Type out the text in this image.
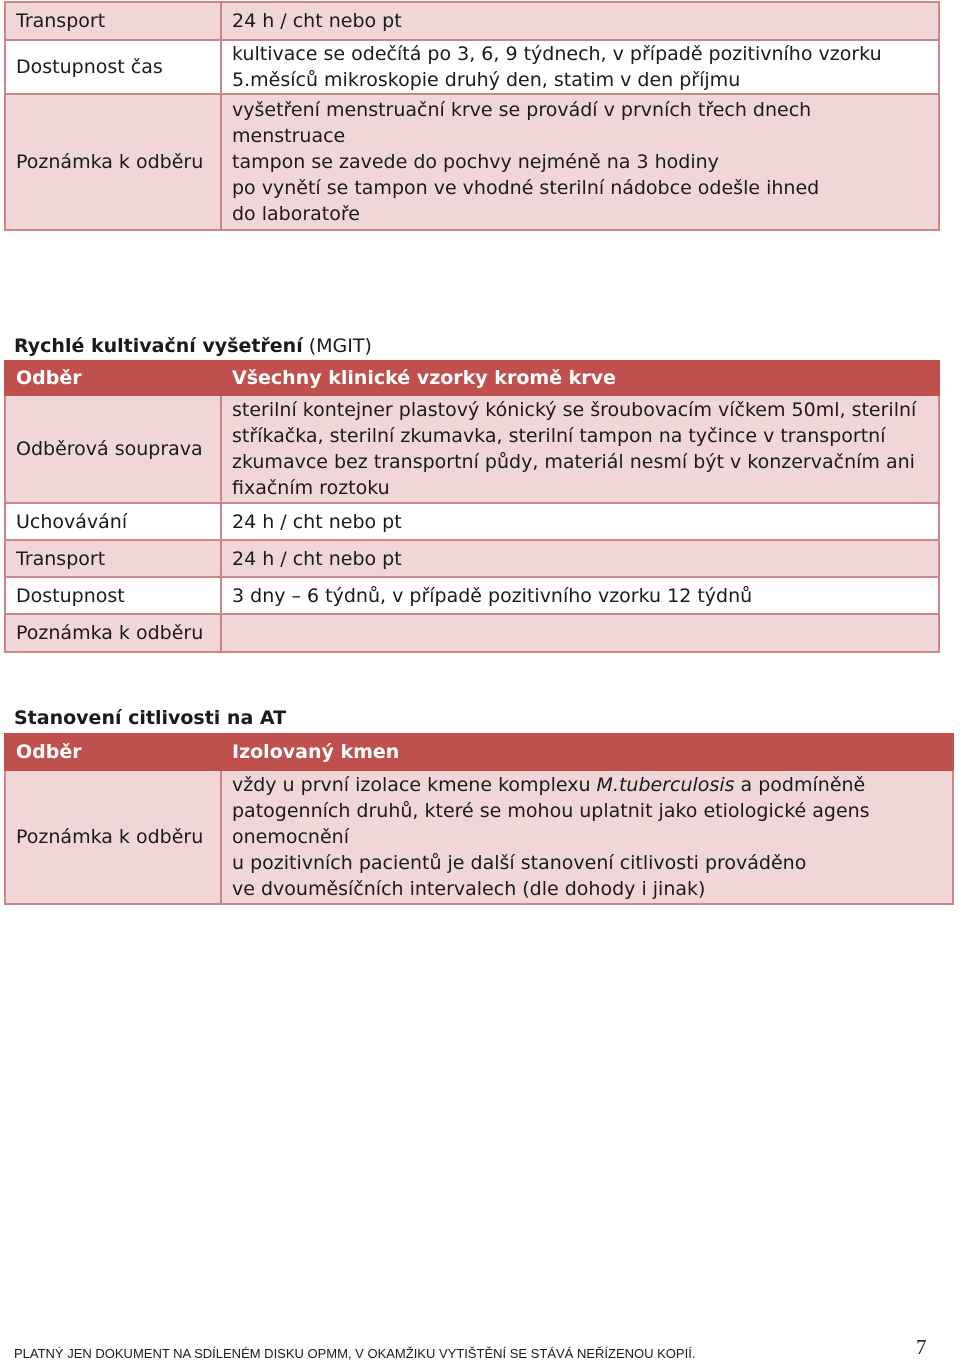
Transport	24 h / cht nebo pt
Dostupnost čas	kultivace se odečítá po 3, 6, 9 týdnech, v případě pozitivního vzorku
5.měsíců mikroskopie druhý den, statim v den příjmu

Poznámka k odběru	vyšetření menstruační krve se provádí v prvních třech dnech
menstruace
tampon se zavede do pochvy nejméně na 3 hodiny
po vynětí se tampon ve vhodné sterilní nádobce odešle ihned
do laboratoře
Rychlé kultivační vyšetření (MGIT)
Odběr	Všechny klinické vzorky kromě krve
Odběrová souprava	sterilní kontejner plastový kónický se šroubovacím víčkem 50ml, sterilní
stříkačka, sterilní zkumavka, sterilní tampon na tyčince v transportní
zkumavce bez transportní půdy, materiál nesmí být v konzervačním ani
fixačním roztoku

Uchovávání	24 h / cht nebo pt
Transport	24 h / cht nebo pt
Dostupnost	3 dny – 6 týdnů, v případě pozitivního vzorku 12 týdnů
Poznámka k odběru	
Stanovení citlivosti na AT
Odběr	Izolovaný kmen
Poznámka k odběru	vždy u první izolace kmene komplexu M.tuberculosis a podmíněně
patogenních druhů, které se mohou uplatnit jako etiologické agens
onemocnění
u pozitivních pacientů je další stanovení citlivosti prováděno
ve dvouměsíčních intervalech (dle dohody i jinak)
PLATNÝ JEN DOKUMENT NA SDÍLENÉM DISKU OPMM, V OKAMŽIKU VYTIŠTĚNÍ SE STÁVÁ NEŘÍZENOU KOPIÍ.	7
